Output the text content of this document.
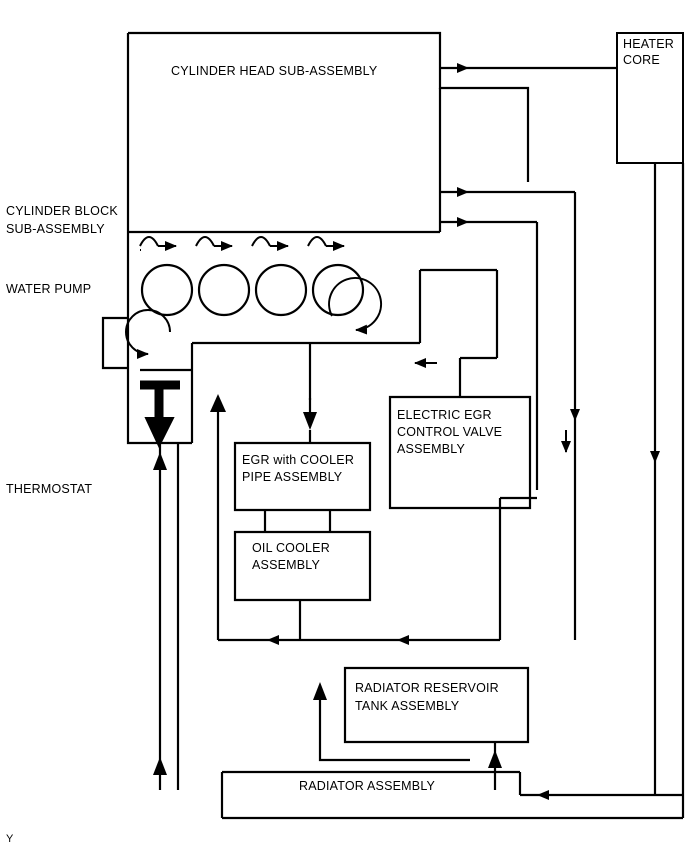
CYLINDER HEAD SUB-ASSEMBLY
CYLINDER BLOCK
SUB-ASSEMBLY
WATER PUMP
THERMOSTAT
HEATER
CORE
ELECTRIC EGR
CONTROL VALVE
ASSEMBLY
EGR with COOLER
PIPE ASSEMBLY
OIL COOLER
ASSEMBLY
RADIATOR RESERVOIR
TANK ASSEMBLY
RADIATOR ASSEMBLY
Y
